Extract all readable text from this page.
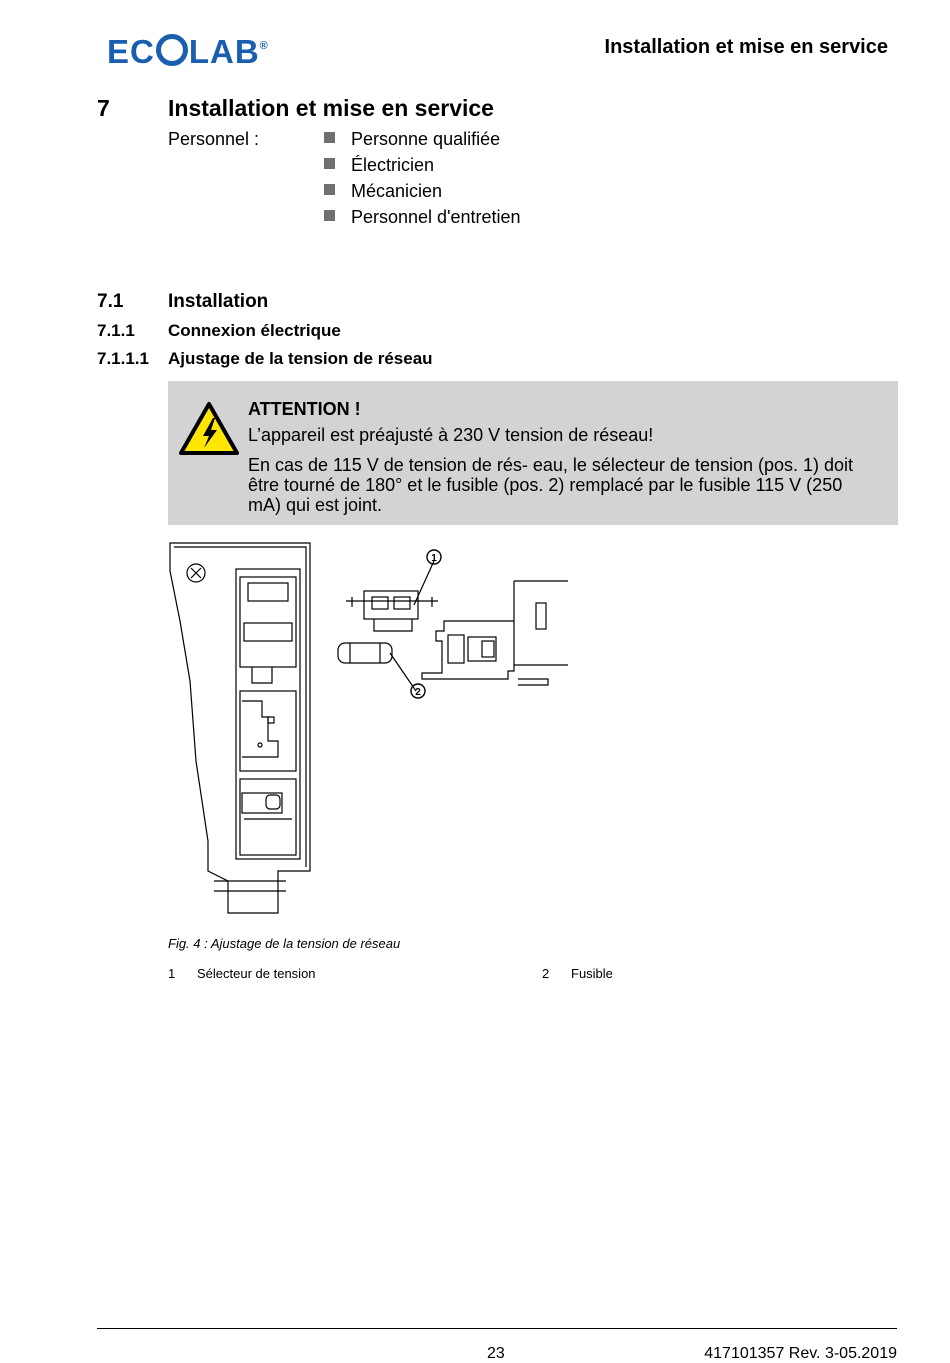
EC LAB®	Installation et mise en service
7	Installation et mise en service
Personnel :	Personne qualifiée
Électricien
Mécanicien
Personnel d'entretien
7.1 Installation
7.1.1 Connexion électrique
7.1.1.1 Ajustage de la tension de réseau
ATTENTION !
L’appareil est préajusté à 230 V tension de réseau!
En cas de 115 V de tension de rés- eau, le sélecteur de tension (pos. 1) doit être tourné de 180° et le fusible (pos. 2) remplacé par le fusible 115 V (250 mA) qui est joint.
1
2
Fig. 4 : Ajustage de la tension de réseau
1 Sélecteur de tension	2 Fusible
23	417101357 Rev. 3-05.2019
